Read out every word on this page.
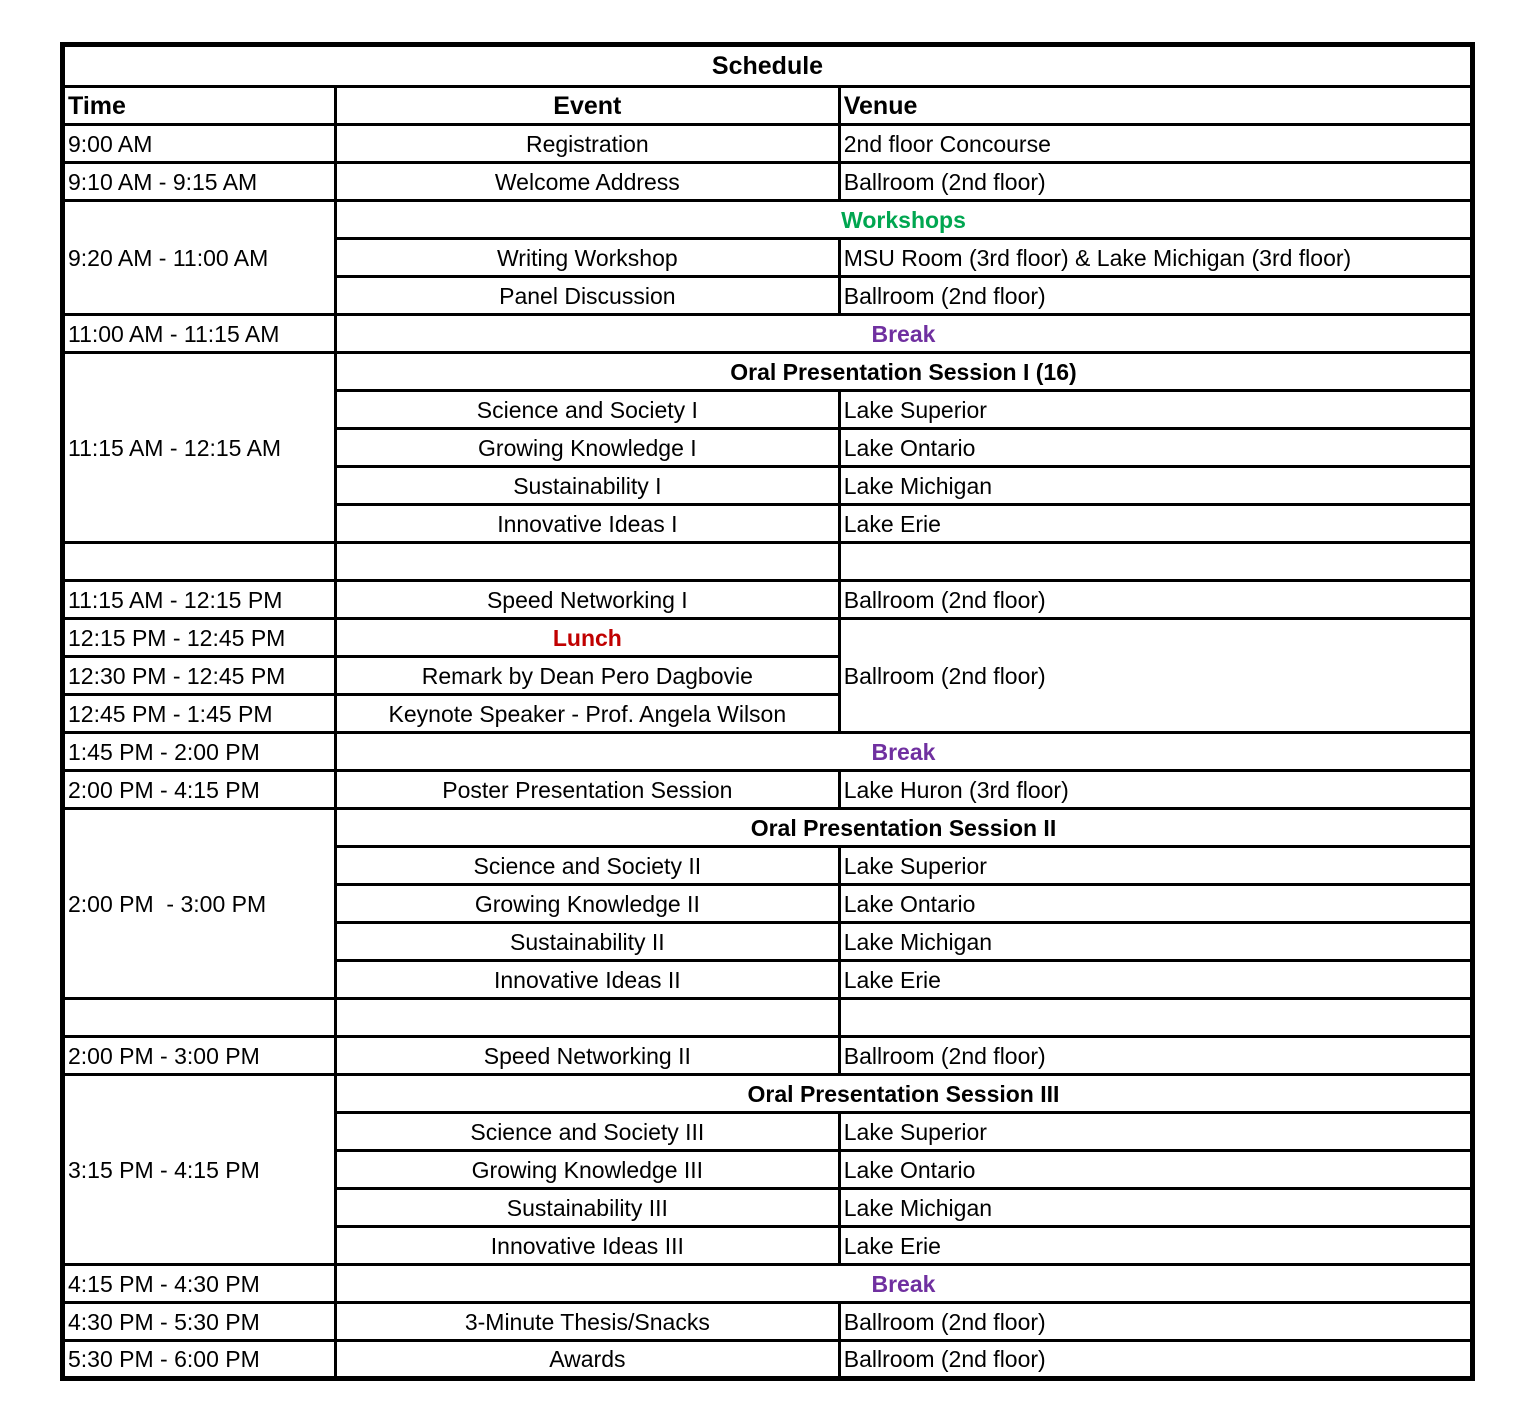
Schedule		
Time	Event	Venue
9:00 AM	Registration	2nd floor Concourse
9:10 AM - 9:15 AM	Welcome Address	Ballroom (2nd floor)
9:20 AM - 11:00 AM	Workshops	
	Writing Workshop	MSU Room (3rd floor) & Lake Michigan (3rd floor)
	Panel Discussion	Ballroom (2nd floor)
11:00 AM - 11:15 AM	Break	
11:15 AM - 12:15 AM	Oral Presentation Session I (16)	
	Science and Society I	Lake Superior
	Growing Knowledge I	Lake Ontario
	Sustainability I	Lake Michigan
	Innovative Ideas I	Lake Erie

11:15 AM - 12:15 PM	Speed Networking I	Ballroom (2nd floor)
12:15 PM - 12:45 PM	Lunch	Ballroom (2nd floor)
12:30 PM - 12:45 PM	Remark by Dean Pero Dagbovie	
12:45 PM - 1:45 PM	Keynote Speaker - Prof. Angela Wilson	
1:45 PM - 2:00 PM	Break	
2:00 PM - 4:15 PM	Poster Presentation Session	Lake Huron (3rd floor)
2:00 PM  - 3:00 PM	Oral Presentation Session II	
	Science and Society II	Lake Superior
	Growing Knowledge II	Lake Ontario
	Sustainability II	Lake Michigan
	Innovative Ideas II	Lake Erie

2:00 PM - 3:00 PM	Speed Networking II	Ballroom (2nd floor)
3:15 PM - 4:15 PM	Oral Presentation Session III	
	Science and Society III	Lake Superior
	Growing Knowledge III	Lake Ontario
	Sustainability III	Lake Michigan
	Innovative Ideas III	Lake Erie
4:15 PM - 4:30 PM	Break	
4:30 PM - 5:30 PM	3-Minute Thesis/Snacks	Ballroom (2nd floor)
5:30 PM - 6:00 PM	Awards	Ballroom (2nd floor)
